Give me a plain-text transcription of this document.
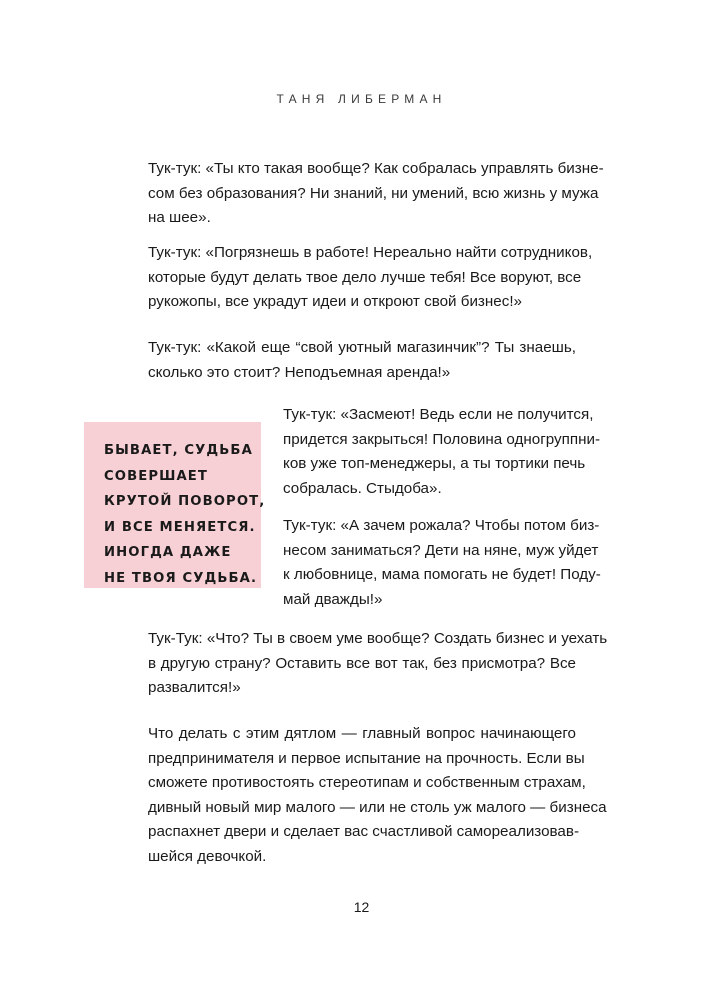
ТАНЯ ЛИБЕРМАН

Тук-тук: «Ты кто такая вообще? Как собралась управлять бизне-
сом без образования? Ни знаний, ни умений, всю жизнь у мужа
на шее».

Тук-тук: «Погрязнешь в работе! Нереально найти сотрудников,
которые будут делать твое дело лучше тебя! Все воруют, все
рукожопы, все украдут идеи и откроют свой бизнес!»

Тук-тук: «Какой еще “свой уютный магазинчик”? Ты знаешь,
сколько это стоит? Неподъемная аренда!»

БЫВАЕТ, СУДЬБА
СОВЕРШАЕТ
КРУТОЙ ПОВОРОТ,
И ВСЕ МЕНЯЕТСЯ.
ИНОГДА ДАЖЕ
НЕ ТВОЯ СУДЬБА.

Тук-тук: «Засмеют! Ведь если не получится,
придется закрыться! Половина одногруппни-
ков уже топ-менеджеры, а ты тортики печь
собралась. Стыдоба».

Тук-тук: «А зачем рожала? Чтобы потом биз-
несом заниматься? Дети на няне, муж уйдет
к любовнице, мама помогать не будет! Поду-
май дважды!»

Тук-Тук: «Что? Ты в своем уме вообще? Создать бизнес и уехать
в другую страну? Оставить все вот так, без присмотра? Все
развалится!»

Что делать с этим дятлом — главный вопрос начинающего
предпринимателя и первое испытание на прочность. Если вы
сможете противостоять стереотипам и собственным страхам,
дивный новый мир малого — или не столь уж малого — бизнеса
распахнет двери и сделает вас счастливой самореализовав-
шейся девочкой.

12
